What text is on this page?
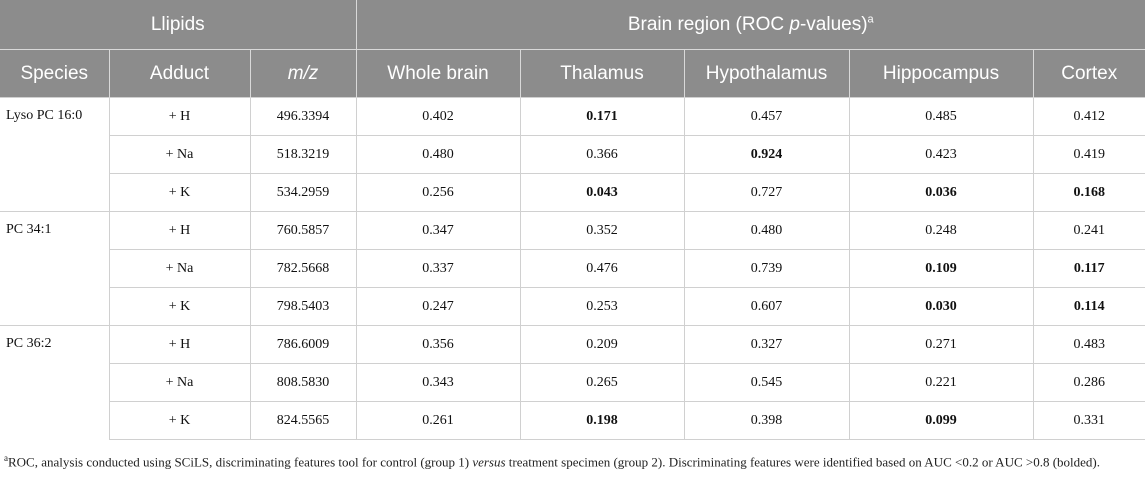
Llipids			Brain region (ROC p-values)$^a$
Species	Adduct	m/z	Whole brain	Thalamus	Hypothalamus	Hippocampus	Cortex
Lyso PC 16:0	+ H	496.3394	0.402	0.171	0.457	0.485	0.412
	+ Na	518.3219	0.480	0.366	0.924	0.423	0.419
	+ K	534.2959	0.256	0.043	0.727	0.036	0.168
PC 34:1	+ H	760.5857	0.347	0.352	0.480	0.248	0.241
	+ Na	782.5668	0.337	0.476	0.739	0.109	0.117
	+ K	798.5403	0.247	0.253	0.607	0.030	0.114
PC 36:2	+ H	786.6009	0.356	0.209	0.327	0.271	0.483
	+ Na	808.5830	0.343	0.265	0.545	0.221	0.286
	+ K	824.5565	0.261	0.198	0.398	0.099	0.331
$^a$ROC, analysis conducted using SCiLS, discriminating features tool for control (group 1) versus treatment specimen (group 2). Discriminating features were identified based on AUC <0.2 or AUC >0.8 (bolded).
